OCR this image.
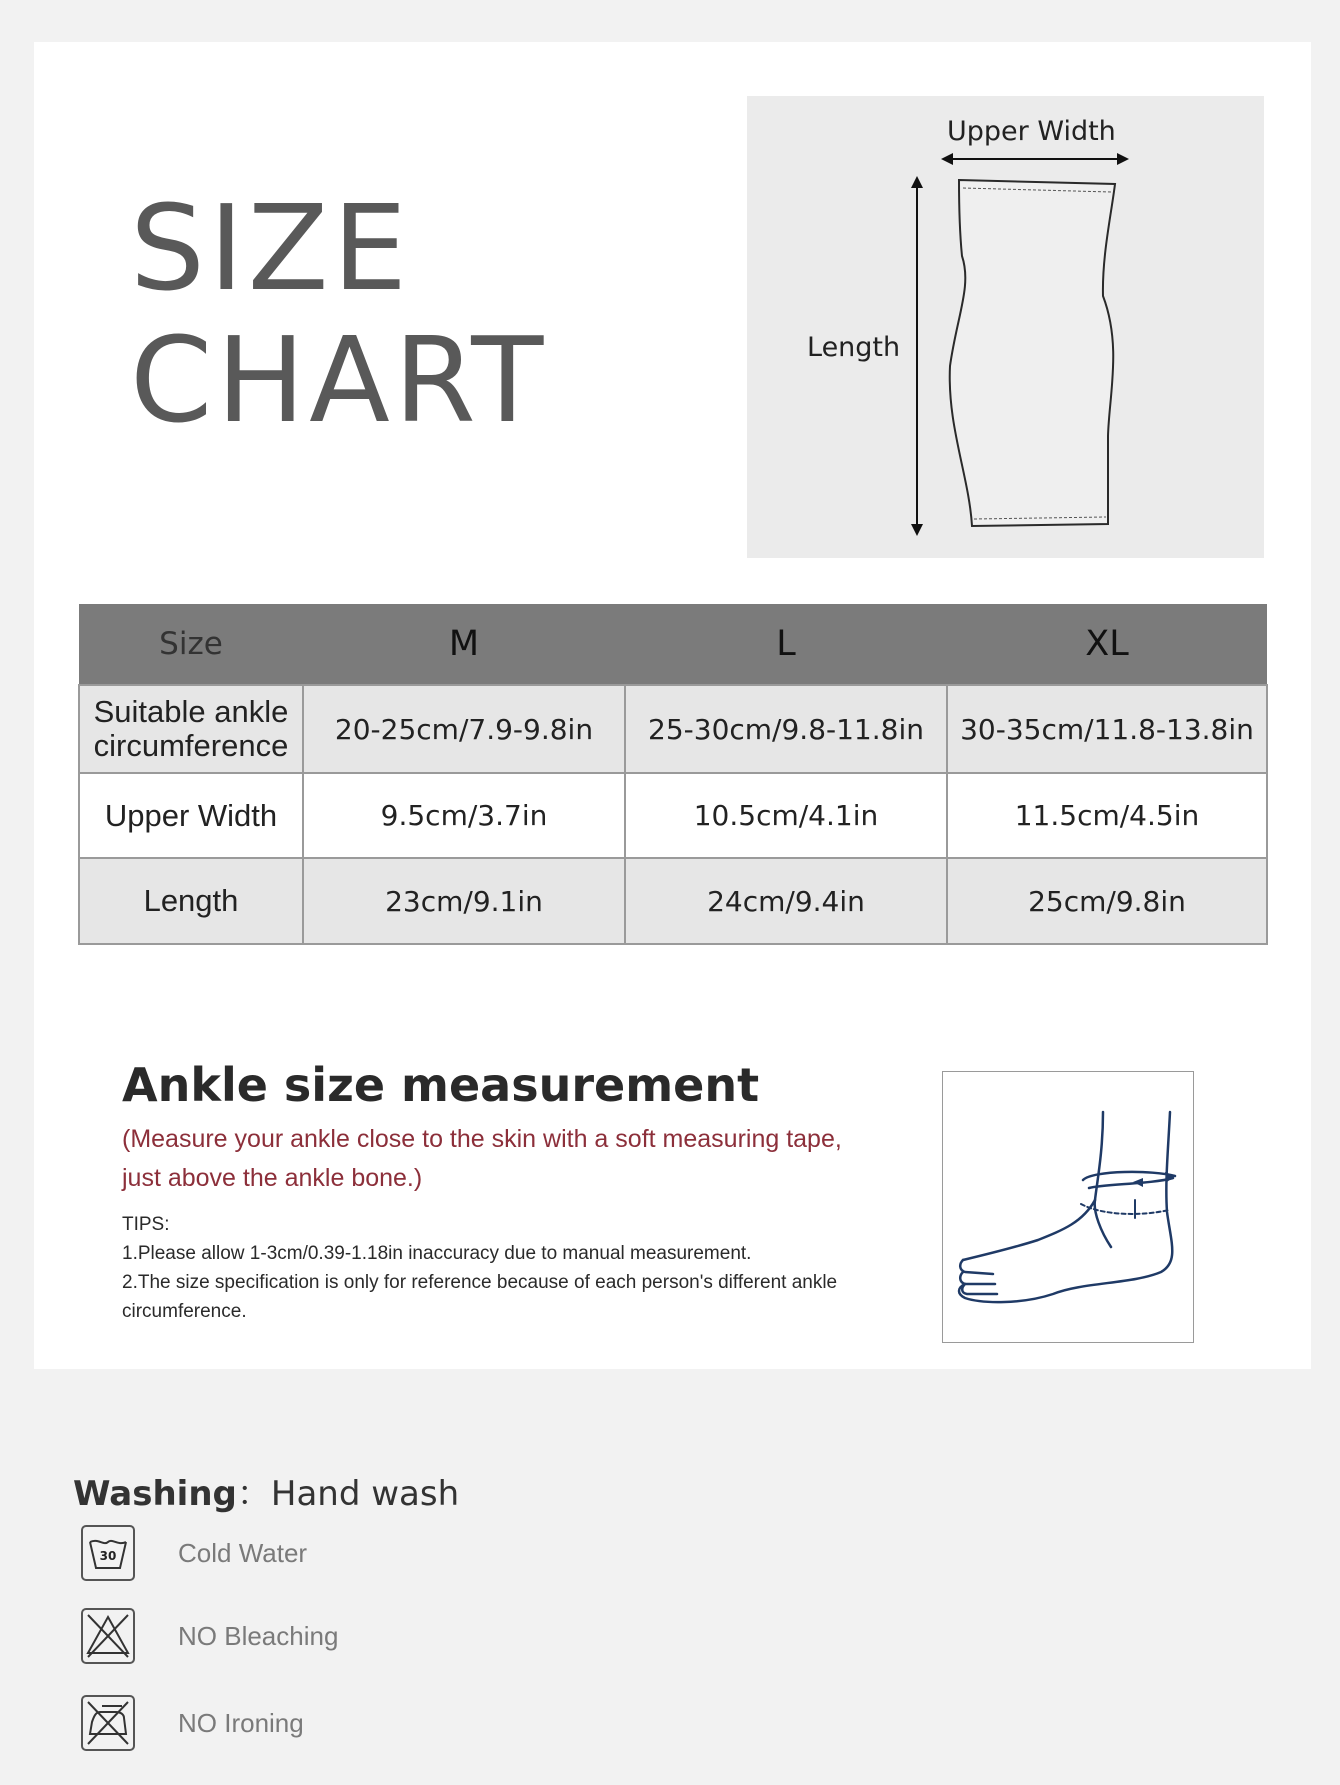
SIZE
CHART
Upper Width
Length
Size	M	L	XL
Suitable ankle circumference	20-25cm/7.9-9.8in	25-30cm/9.8-11.8in	30-35cm/11.8-13.8in
Upper Width	9.5cm/3.7in	10.5cm/4.1in	11.5cm/4.5in
Length	23cm/9.1in	24cm/9.4in	25cm/9.8in
Ankle size measurement
(Measure your ankle close to the skin with a soft measuring tape, just above the ankle bone.)
TIPS:
1.Please allow 1-3cm/0.39-1.18in inaccuracy due to manual measurement.
2.The size specification is only for reference because of each person's different ankle circumference.
Washing：Hand wash
30 Cold Water
NO Bleaching
NO Ironing
